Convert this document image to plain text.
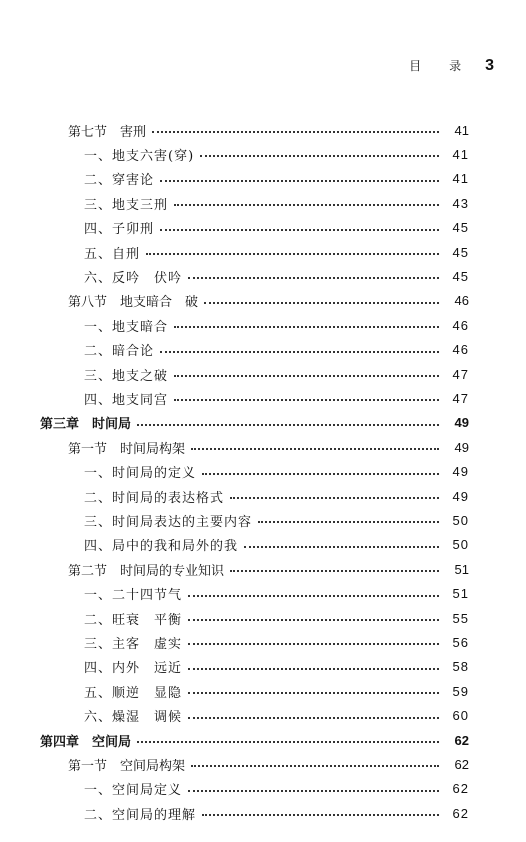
目 录 3
第七节　害刑	41
一、地支六害(穿)	41
二、穿害论	41
三、地支三刑	43
四、子卯刑	45
五、自刑	45
六、反吟　伏吟	45
第八节　地支暗合　破	46
一、地支暗合	46
二、暗合论	46
三、地支之破	47
四、地支同宫	47
第三章　时间局	49
第一节　时间局构架	49
一、时间局的定义	49
二、时间局的表达格式	49
三、时间局表达的主要内容	50
四、局中的我和局外的我	50
第二节　时间局的专业知识	51
一、二十四节气	51
二、旺衰　平衡	55
三、主客　虚实	56
四、内外　远近	58
五、顺逆　显隐	59
六、燥湿　调候	60
第四章　空间局	62
第一节　空间局构架	62
一、空间局定义	62
二、空间局的理解	62
